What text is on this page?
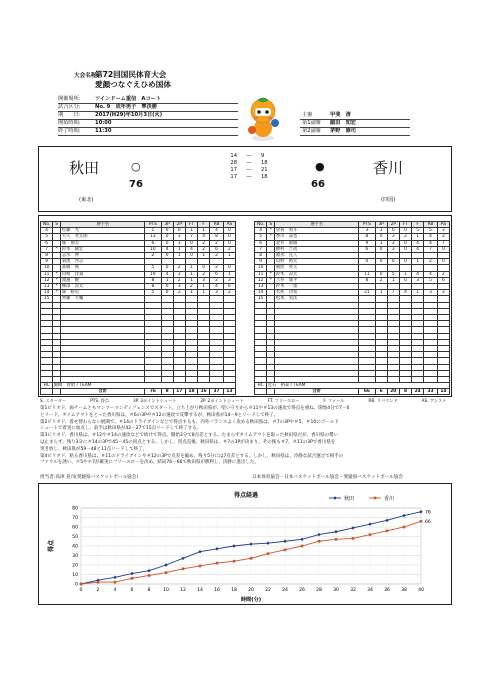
大会名称:
第72回国民体育大会
愛顔つなぐえひめ国体
開催場所:	ツインドーム重信　Aコート
試合区分:	No. 9　成年男子　準決勝
期　　日:	2017(H29)年10月3日(火)
開始時間:	10:00
終了時間:	11:30
主審	甲斐　清
第1副審 細田　知宏
第2副審 茅野　修司
秋田
(東北)
○
76
14	—	9
28	—	18
17	—	21
17	—	18
●
66
香川
(四国)
No.	S	選手名	PTS	3P	2P	FT	F	RB	AS
4		佐藤　光	1	0	0	1	1	4	0
5		大矢　孝太朗	13	0	3	7	4	8	0
6		堀　翔太	6	0	3	0	2	2	0
7	*	鈴木　隆宏	10	4	1	4	2	6	2
8		志水　伸	2	0	1	0	1	2	1
9		菊池　啓志							
10		髙橋　純	5	0	2	1	0	2	0
11	*	山崎　洋貴	19	4	3	1	2	6	1
12	*	渡邉　暁	8	1	2	1	3	2	3
13	*	柳澤　涼太	8	0	3	2	1	4	6
14	*	森　裕史	5	0	2	1	1	3	2
15		齊藤　大輔							

HC	綿﨑　智昭 / TEAM								
		合計	76	8	17	18	16	37	13
No.	S	選手名	PTS	3P	2P	FT	F	RB	AS
4	*	曽我　勇斗	3	1	0	0	5	5	3
5	*	香川　諒也	8	0	3	2	1	4	2
6		北井　敬雄	9	1	3	0	4	4	7
7		横村　吉哉	6	0	3	0	4	7	0
8		福永　直人							
9		山野　裕太	0	0	0	0	1	2	0
10		朝原　亮太							
11	*	鈴木　凉太	11	0	5	1	4	4	2
12	*	吉井　康平	8	2	1	0	3	5	6
13		鈴木　一康							
14		若狭　功希	21	1	7	4	1	3	3
15		松本　実汰							

HC	近石　裕泰 / TEAM								
		合計	66	6	20	8	24	33	14
S. スターター	PTS. 得点	3P. 3ポイントシュート	2P. 2ポイントシュート	FT. フリースロー	F. ファール	RB. リバウンド	AS. アシスト
第1ピリオド、両チームともマンツーマンディフェンスでスタート。立ち上がり秋田県が、堅い守りから＃11や＃13の速攻で得点を重ね、開始4分で7－0
とリード。タイムアウトをとった香川県は、＃6の3Pや＃12の速攻で反撃するが、秋田県が14－9とリードして終了。
第2ピリオド、着せ替わらない展開で、＃14のドライブインなどで得点するも、内外バランスよく攻める秋田県は、＃7の3Pや＃5、＃10のゴール下
シュートで着実に加点し、前半は秋田県が42－27で15点リードして終了する。
第3ピリオド、香川県は、＃12や＃14の速攻などで続けて得点。開始3分で8点差とする。たまらずタイムアウトを取った秋田県だが、香川県の勢い
は止まらず、残り3分に＃14の3Pで45－45の同点とする。しかし、同点直後、秋田県は、＃7の3Pが決まり、その後も＃7、＃11の3Pで香川県を
突き放し、秋田県が59－48と11点リードして終了。
第4ピリオド、粘る香川県は、＃11のドライブインや＃12の3Pで点差を縮め、残り5分には7点差とする。しかし、秋田県は、冷静な試合運びで相手の
ファウルを誘い、＊5や＊7が確実にフリースローを決め、結局76－66で秋田県が勝利し、決勝に進出した。
担当者:高津 晃司(愛媛県バスケットボール協会)	日本体育協会・日本バスケットボール協会・愛媛県バスケットボール協会
得点経過
0
10
20
30
40
50
60
70
80
0	2	4	6	8	10 12 14 16 18 20 22 24 26 28 30 32 34 36 38 40
時間(分)
得点
76
秋田
66
香川
